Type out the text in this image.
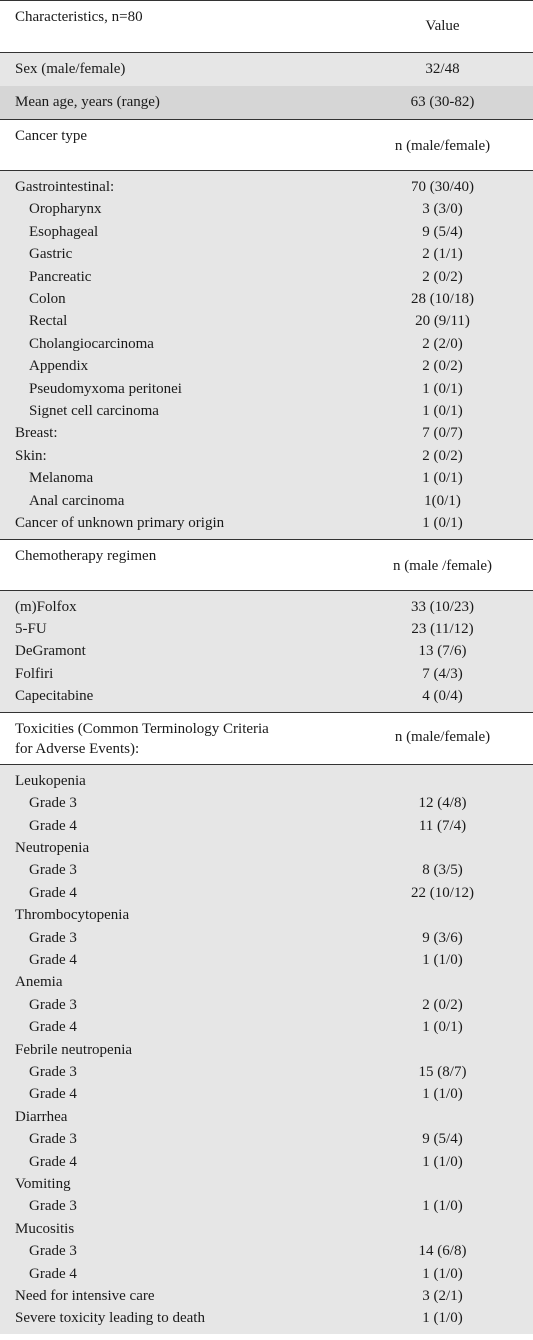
Characteristics, n=80	Value
Sex (male/female)	32/48
Mean age, years (range)	63 (30-82)
Cancer type	n (male/female)
Gastrointestinal:	70 (30/40)
Oropharynx	3 (3/0)
Esophageal	9 (5/4)
Gastric	2 (1/1)
Pancreatic	2 (0/2)
Colon	28 (10/18)
Rectal	20 (9/11)
Cholangiocarcinoma	2 (2/0)
Appendix	2 (0/2)
Pseudomyxoma peritonei	1 (0/1)
Signet cell carcinoma	1 (0/1)
Breast:	7 (0/7)
Skin:	2 (0/2)
Melanoma	1 (0/1)
Anal carcinoma	1(0/1)
Cancer of unknown primary origin	1 (0/1)
Chemotherapy regimen	n (male /female)
(m)Folfox	33 (10/23)
5-FU	23 (11/12)
DeGramont	13 (7/6)
Folfiri	7 (4/3)
Capecitabine	4 (0/4)
Toxicities (Common Terminology Criteria for Adverse Events):	n (male/female)
Leukopenia	
Grade 3	12 (4/8)
Grade 4	11 (7/4)
Neutropenia	
Grade 3	8 (3/5)
Grade 4	22 (10/12)
Thrombocytopenia	
Grade 3	9 (3/6)
Grade 4	1 (1/0)
Anemia	
Grade 3	2 (0/2)
Grade 4	1 (0/1)
Febrile neutropenia	
Grade 3	15 (8/7)
Grade 4	1 (1/0)
Diarrhea	
Grade 3	9 (5/4)
Grade 4	1 (1/0)
Vomiting	
Grade 3	1 (1/0)
Mucositis	
Grade 3	14 (6/8)
Grade 4	1 (1/0)
Need for intensive care	3 (2/1)
Severe toxicity leading to death	1 (1/0)
